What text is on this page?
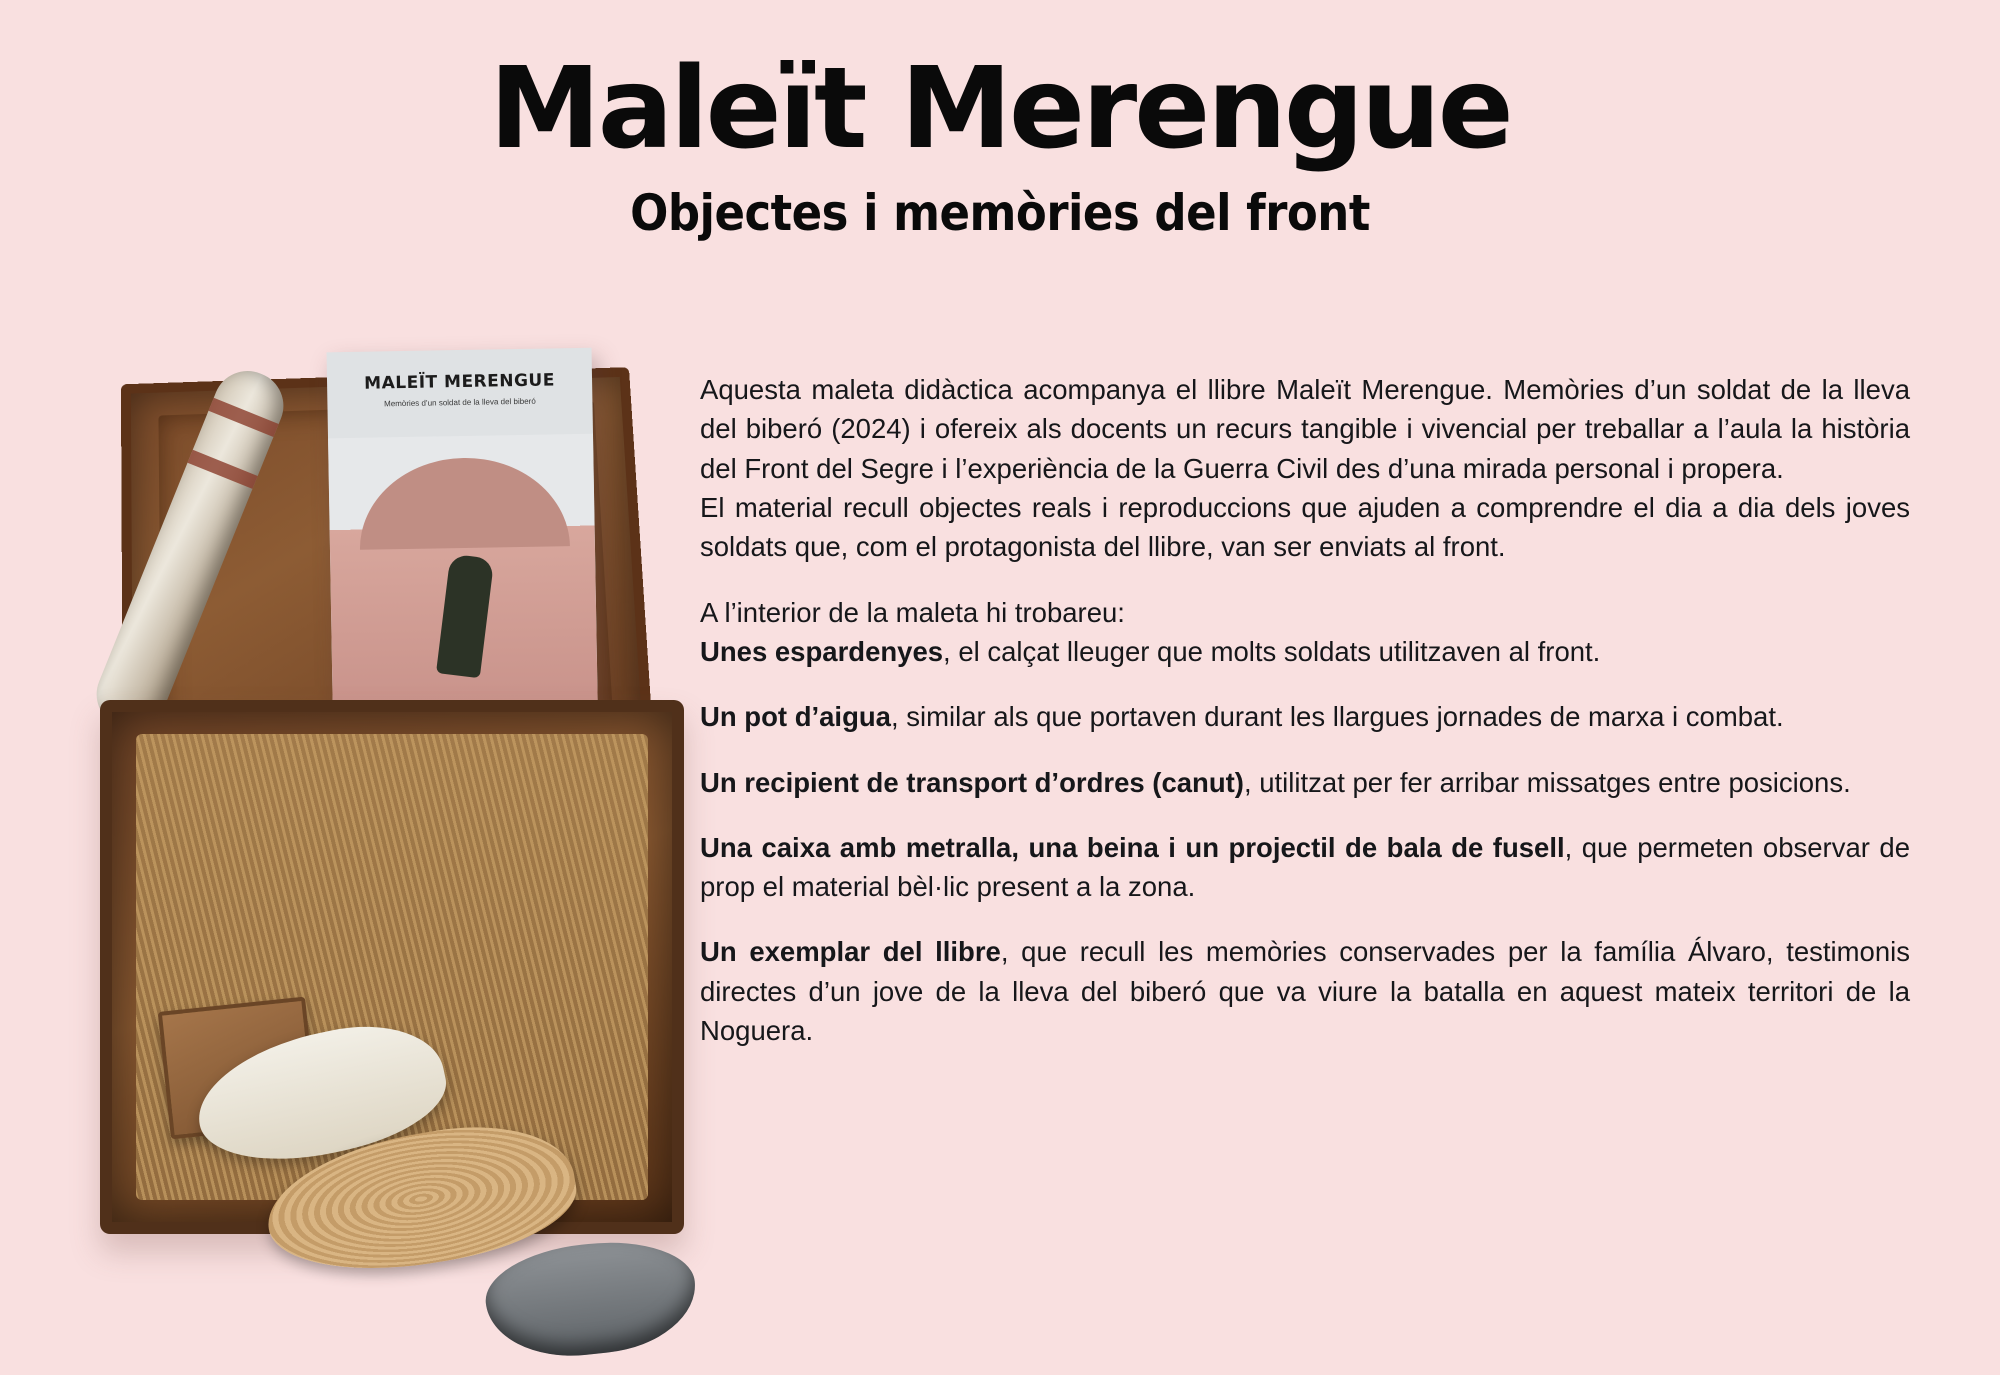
Maleït Merengue
Objectes i memòries del front
MALEÏT MERENGUE
Memòries d’un soldat de la lleva del biberó	Aquesta maleta didàctica acompanya el llibre Maleït Merengue. Memòries d’un soldat de la lleva del biberó (2024) i ofereix als docents un recurs tangible i vivencial per treballar a l’aula la història del Front del Segre i l’experiència de la Guerra Civil des d’una mirada personal i propera.

El material recull objectes reals i reproduccions que ajuden a comprendre el dia a dia dels joves soldats que, com el protagonista del llibre, van ser enviats al front.

A l’interior de la maleta hi trobareu:

Unes espardenyes, el calçat lleuger que molts soldats utilitzaven al front.

Un pot d’aigua, similar als que portaven durant les llargues jornades de marxa i combat.

Un recipient de transport d’ordres (canut), utilitzat per fer arribar missatges entre posicions.

Una caixa amb metralla, una beina i un projectil de bala de fusell, que permeten observar de prop el material bèl·lic present a la zona.

Un exemplar del llibre, que recull les memòries conservades per la família Álvaro, testimonis directes d’un jove de la lleva del biberó que va viure la batalla en aquest mateix territori de la Noguera.
